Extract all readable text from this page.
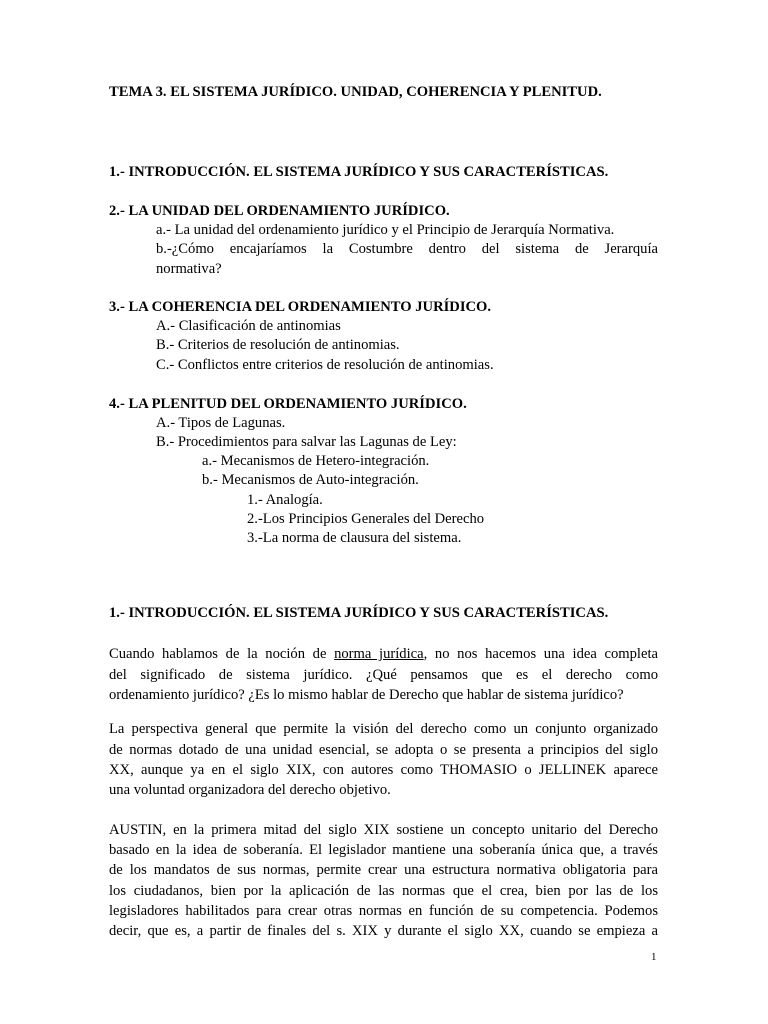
TEMA 3. EL SISTEMA JURÍDICO. UNIDAD, COHERENCIA Y PLENITUD.
1.- INTRODUCCIÓN. EL SISTEMA JURÍDICO Y SUS CARACTERÍSTICAS.
2.- LA UNIDAD DEL ORDENAMIENTO JURÍDICO.
a.- La unidad del ordenamiento jurídico y el Principio de Jerarquía Normativa.
b.-¿Cómo encajaríamos la Costumbre dentro del sistema de Jerarquía
normativa?
3.- LA COHERENCIA DEL ORDENAMIENTO JURÍDICO.
A.- Clasificación de antinomias
B.- Criterios de resolución de antinomias.
C.- Conflictos entre criterios de resolución de antinomias.
4.- LA PLENITUD DEL ORDENAMIENTO JURÍDICO.
A.- Tipos de Lagunas.
B.- Procedimientos para salvar las Lagunas de Ley:
a.- Mecanismos de Hetero-integración.
b.- Mecanismos de Auto-integración.
1.- Analogía.
2.-Los Principios Generales del Derecho
3.-La norma de clausura del sistema.
1.- INTRODUCCIÓN. EL SISTEMA JURÍDICO Y SUS CARACTERÍSTICAS.
Cuando hablamos de la noción de norma jurídica, no nos hacemos una idea completa
del significado de sistema jurídico. ¿Qué pensamos que es el derecho como
ordenamiento jurídico? ¿Es lo mismo hablar de Derecho que hablar de sistema jurídico?
La perspectiva general que permite la visión del derecho como un conjunto organizado
de normas dotado de una unidad esencial, se adopta o se presenta a principios del siglo
XX, aunque ya en el siglo XIX, con autores como THOMASIO o JELLINEK aparece
una voluntad organizadora del derecho objetivo.
AUSTIN, en la primera mitad del siglo XIX sostiene un concepto unitario del Derecho
basado en la idea de soberanía. El legislador mantiene una soberanía única que, a través
de los mandatos de sus normas, permite crear una estructura normativa obligatoria para
los ciudadanos, bien por la aplicación de las normas que el crea, bien por las de los
legisladores habilitados para crear otras normas en función de su competencia. Podemos
decir, que es, a partir de finales del s. XIX y durante el siglo XX, cuando se empieza a
1
